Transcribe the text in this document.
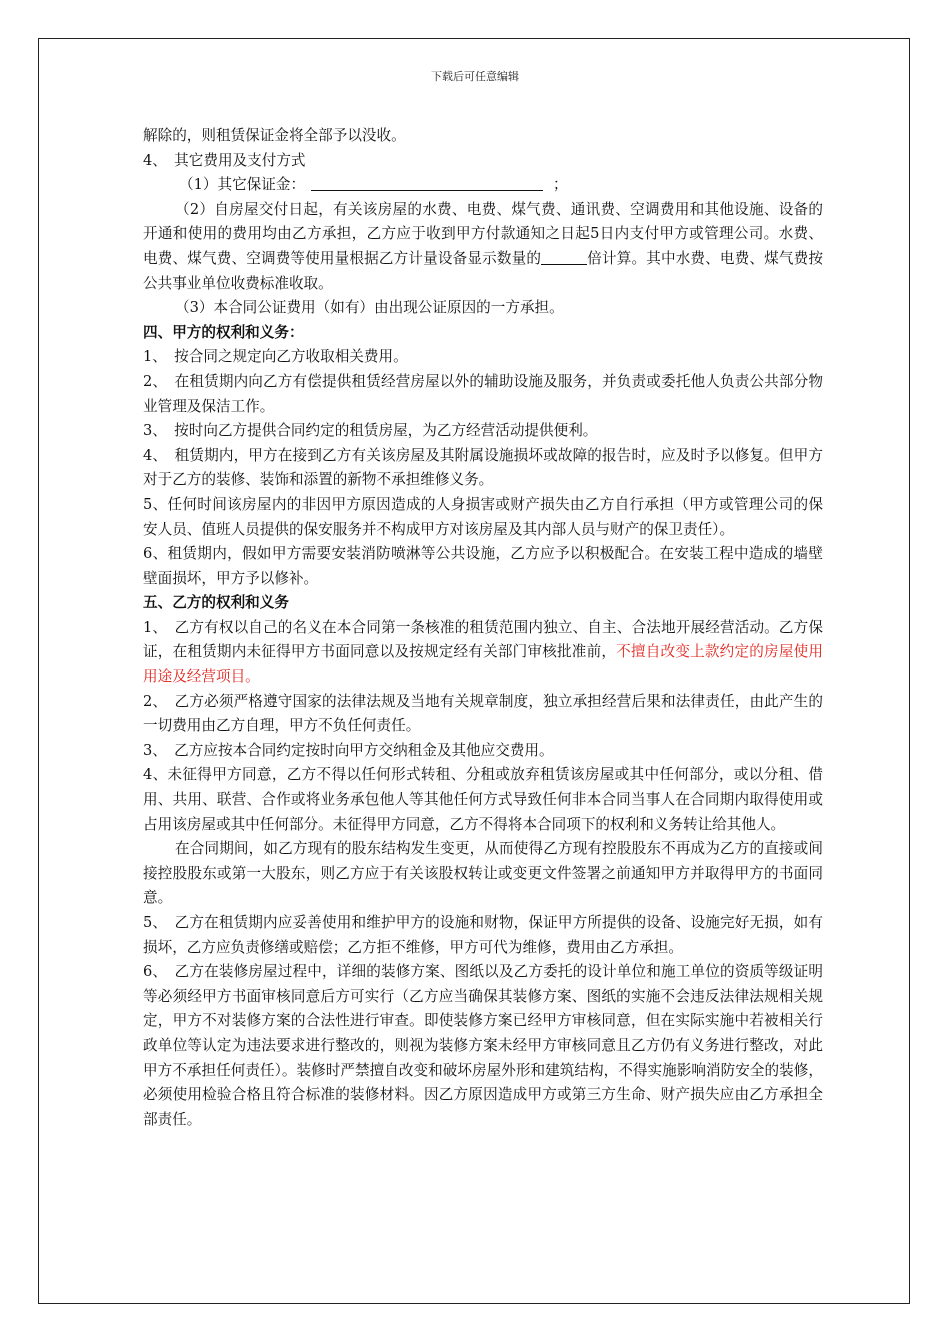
下载后可任意编辑

解除的，则租赁保证金将全部予以没收。

4、　其它费用及支付方式

（1）其它保证金：	；

（2）自房屋交付日起，有关该房屋的水费、电费、煤气费、通讯费、空调费用和其他设施、设备的开通和使用的费用均由乙方承担，乙方应于收到甲方付款通知之日起5日内支付甲方或管理公司。水费、电费、煤气费、空调费等使用量根据乙方计量设备显示数量的	倍计算。其中水费、电费、煤气费按公共事业单位收费标准收取。

（3）本合同公证费用（如有）由出现公证原因的一方承担。

四、甲方的权利和义务：

1、　按合同之规定向乙方收取相关费用。

2、　在租赁期内向乙方有偿提供租赁经营房屋以外的辅助设施及服务，并负责或委托他人负责公共部分物业管理及保洁工作。

3、　按时向乙方提供合同约定的租赁房屋，为乙方经营活动提供便利。

4、　租赁期内，甲方在接到乙方有关该房屋及其附属设施损坏或故障的报告时，应及时予以修复。但甲方对于乙方的装修、装饰和添置的新物不承担维修义务。

5、任何时间该房屋内的非因甲方原因造成的人身损害或财产损失由乙方自行承担（甲方或管理公司的保安人员、值班人员提供的保安服务并不构成甲方对该房屋及其内部人员与财产的保卫责任）。

6、租赁期内，假如甲方需要安装消防喷淋等公共设施，乙方应予以积极配合。在安装工程中造成的墙壁壁面损坏，甲方予以修补。

五、乙方的权利和义务

1、　乙方有权以自己的名义在本合同第一条核准的租赁范围内独立、自主、合法地开展经营活动。乙方保证，在租赁期内未征得甲方书面同意以及按规定经有关部门审核批准前，不擅自改变上款约定的房屋使用用途及经营项目。

2、　乙方必须严格遵守国家的法律法规及当地有关规章制度，独立承担经营后果和法律责任，由此产生的一切费用由乙方自理，甲方不负任何责任。

3、　乙方应按本合同约定按时向甲方交纳租金及其他应交费用。

4、未征得甲方同意，乙方不得以任何形式转租、分租或放弃租赁该房屋或其中任何部分，或以分租、借用、共用、联营、合作或将业务承包他人等其他任何方式导致任何非本合同当事人在合同期内取得使用或占用该房屋或其中任何部分。未征得甲方同意，乙方不得将本合同项下的权利和义务转让给其他人。

在合同期间，如乙方现有的股东结构发生变更，从而使得乙方现有控股股东不再成为乙方的直接或间接控股股东或第一大股东，则乙方应于有关该股权转让或变更文件签署之前通知甲方并取得甲方的书面同意。

5、　乙方在租赁期内应妥善使用和维护甲方的设施和财物，保证甲方所提供的设备、设施完好无损，如有损坏，乙方应负责修缮或赔偿；乙方拒不维修，甲方可代为维修，费用由乙方承担。

6、　乙方在装修房屋过程中，详细的装修方案、图纸以及乙方委托的设计单位和施工单位的资质等级证明等必须经甲方书面审核同意后方可实行（乙方应当确保其装修方案、图纸的实施不会违反法律法规相关规定，甲方不对装修方案的合法性进行审查。即使装修方案已经甲方审核同意，但在实际实施中若被相关行政单位等认定为违法要求进行整改的，则视为装修方案未经甲方审核同意且乙方仍有义务进行整改，对此甲方不承担任何责任）。装修时严禁擅自改变和破坏房屋外形和建筑结构，不得实施影响消防安全的装修，必须使用检验合格且符合标准的装修材料。因乙方原因造成甲方或第三方生命、财产损失应由乙方承担全部责任。
